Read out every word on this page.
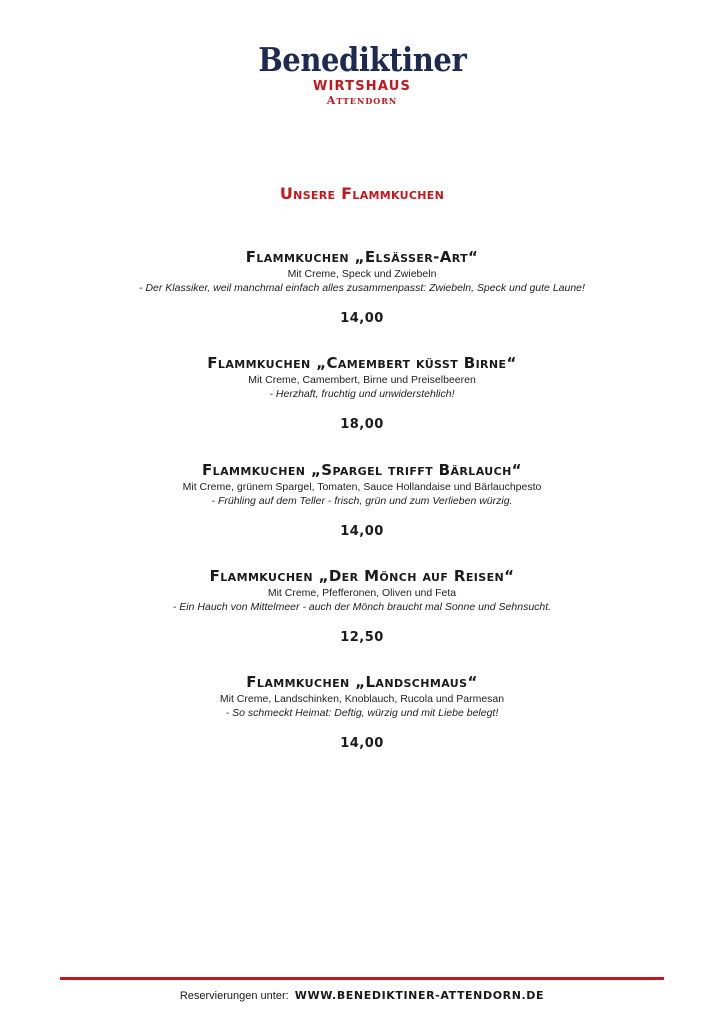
Benediktiner
WIRTSHAUS
Attendorn
Unsere Flammkuchen
Flammkuchen „Elsässer-Art“
Mit Creme, Speck und Zwiebeln
- Der Klassiker, weil manchmal einfach alles zusammenpasst: Zwiebeln, Speck und gute Laune!
14,00
Flammkuchen „Camembert küsst Birne“
Mit Creme, Camembert, Birne und Preiselbeeren
- Herzhaft, fruchtig und unwiderstehlich!
18,00
Flammkuchen „Spargel trifft Bärlauch“
Mit Creme, grünem Spargel, Tomaten, Sauce Hollandaise und Bärlauchpesto
- Frühling auf dem Teller - frisch, grün und zum Verlieben würzig.
14,00
Flammkuchen „Der Mönch auf Reisen“
Mit Creme, Pfefferonen, Oliven und Feta
- Ein Hauch von Mittelmeer - auch der Mönch braucht mal Sonne und Sehnsucht.
12,50
Flammkuchen „Landschmaus“
Mit Creme, Landschinken, Knoblauch, Rucola und Parmesan
- So schmeckt Heimat: Deftig, würzig und mit Liebe belegt!
14,00
Reservierungen unter: WWW.BENEDIKTINER-ATTENDORN.DE
